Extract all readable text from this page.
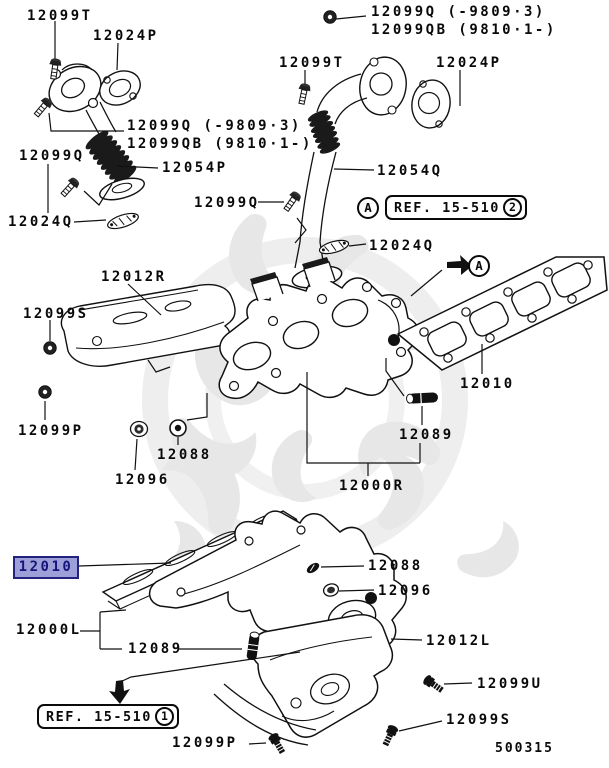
12099T
12024P
12099Q (-9809·3)
12099QB (9810·1-)
12099T	12024P
12099Q (-9809·3)
12099QB (9810·1-)
12099Q
12054P
12099Q
12054Q
12024Q
12024Q
12012R
12099S
12010
12099P
12088
12089
12096	12000R
12088
12096
12000L
12012L
12089
12099U
12099S
12099P
12010
A	REF. 15-510 2
A
REF. 15-510 1
500315
